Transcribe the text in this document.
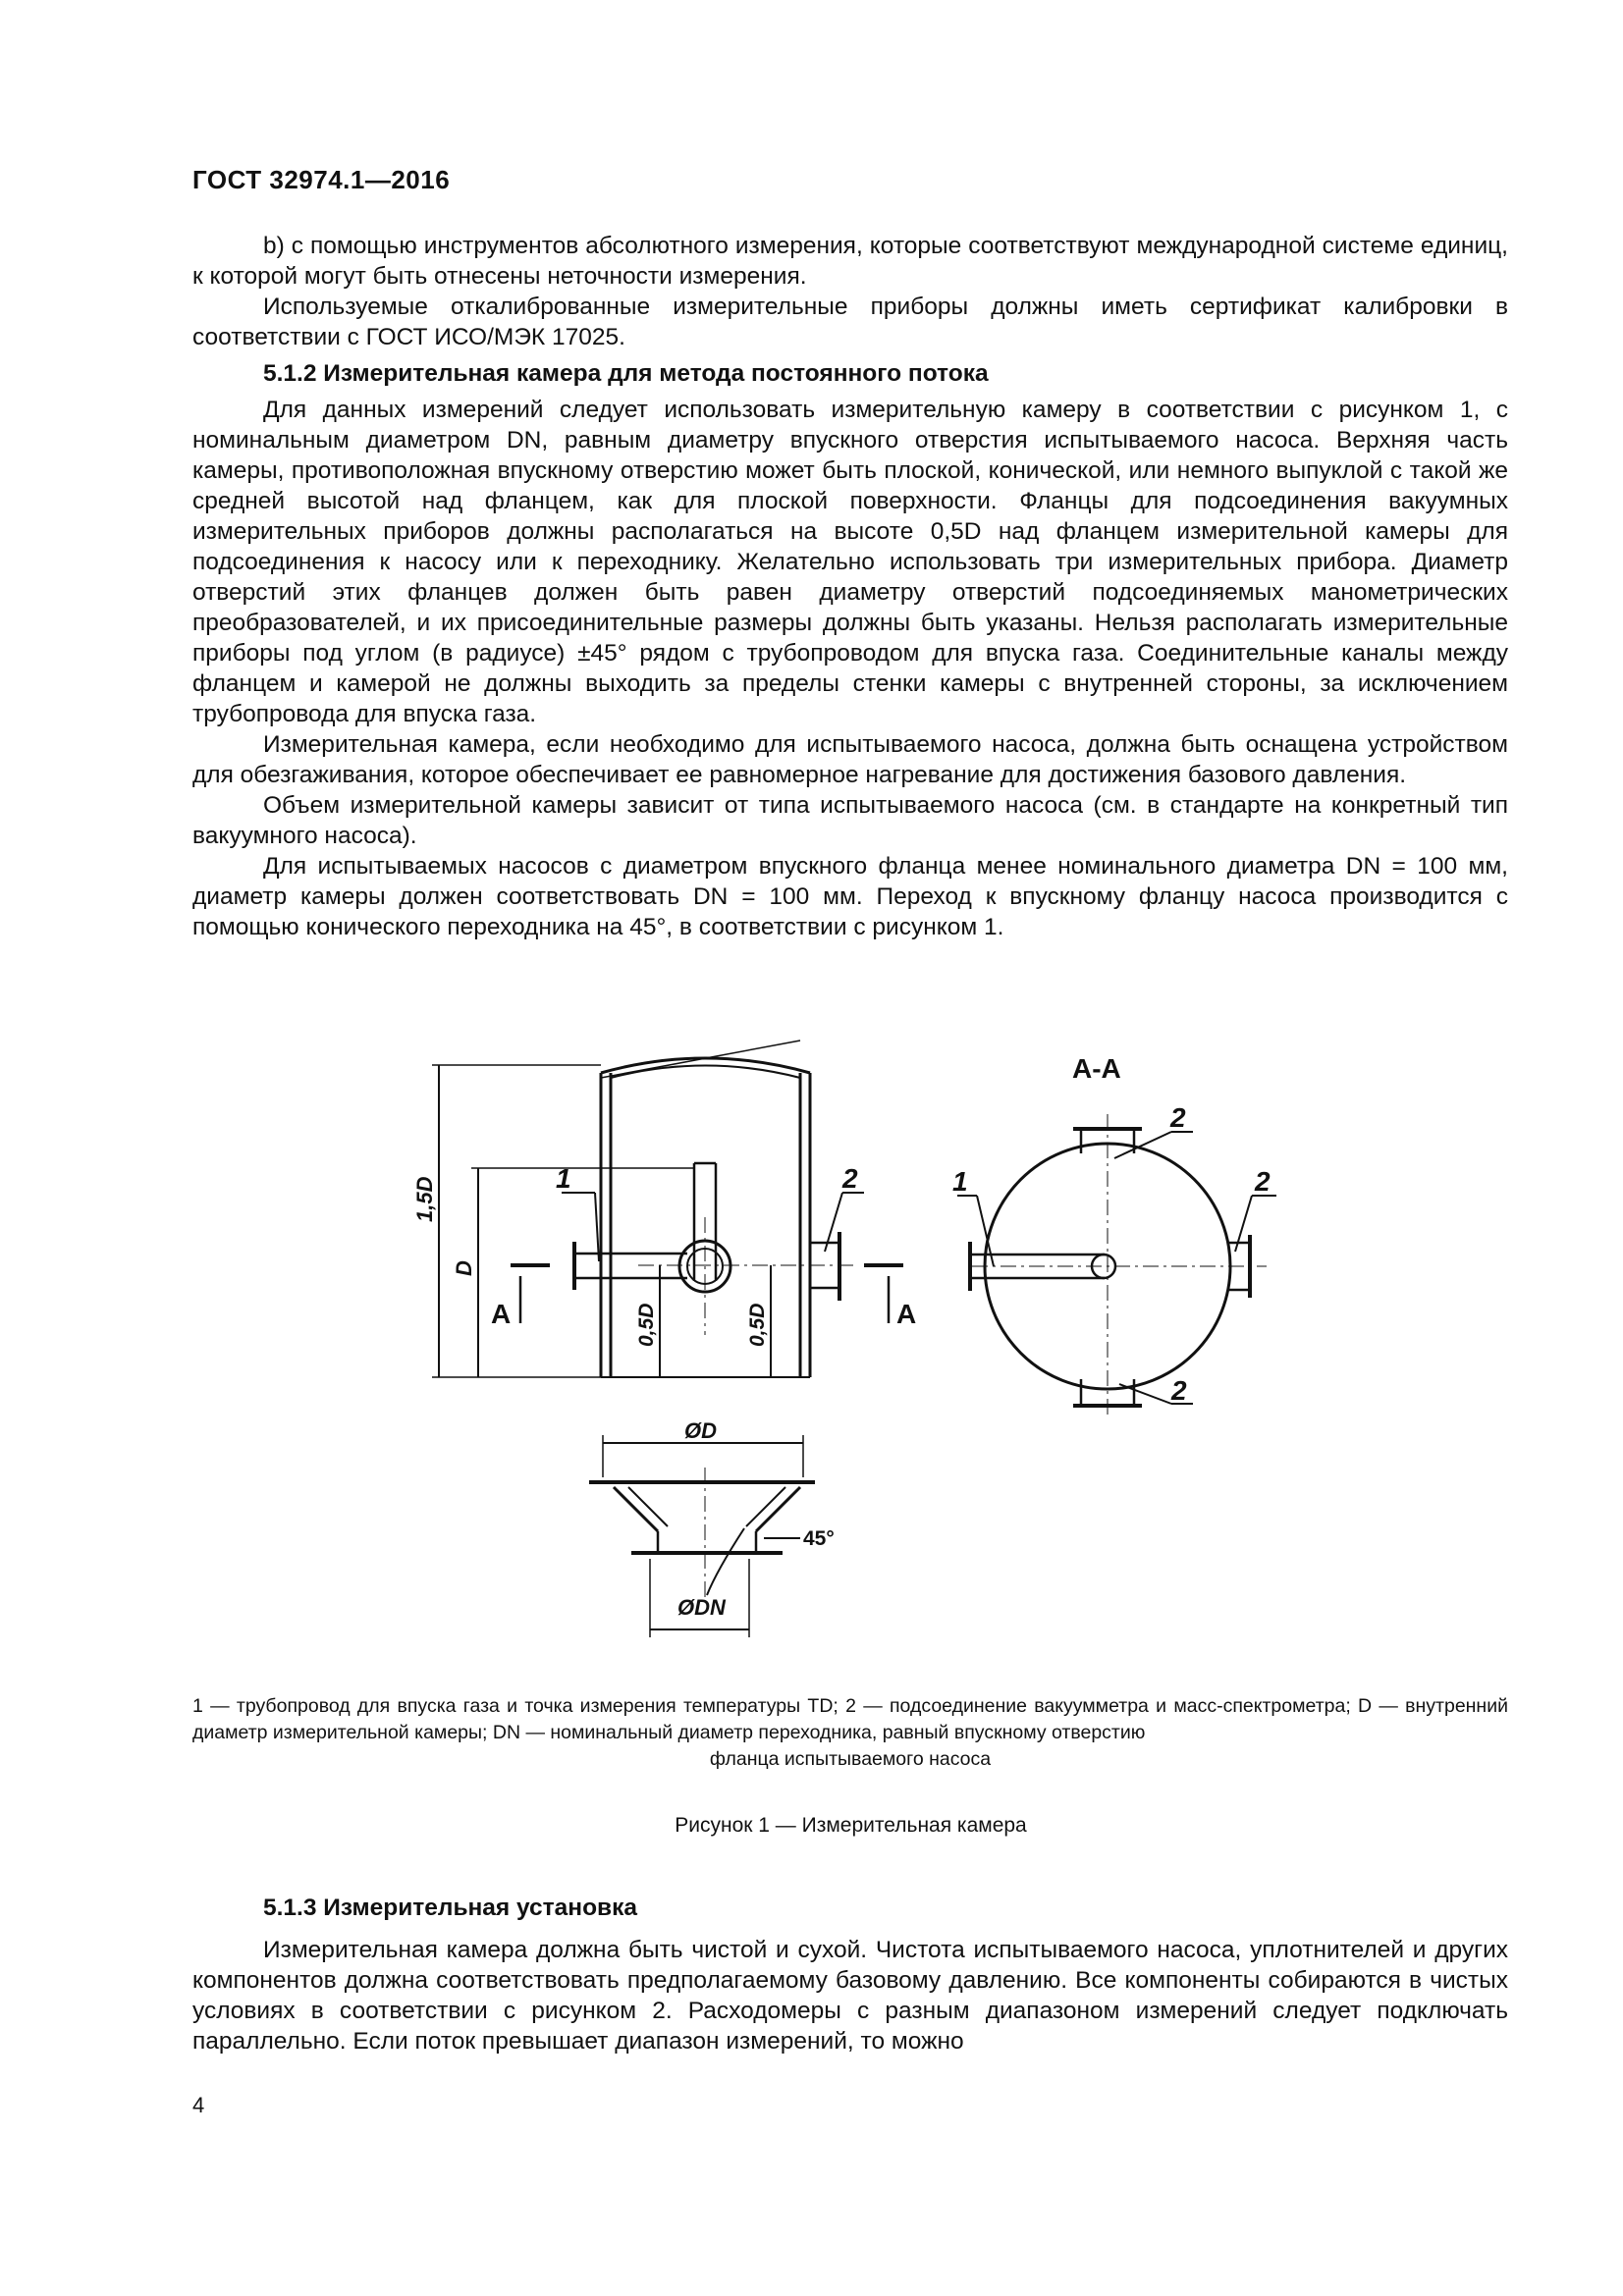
ГОСТ 32974.1—2016

b) с помощью инструментов абсолютного измерения, которые соответствуют международной системе единиц, к которой могут быть отнесены неточности измерения.

Используемые откалиброванные измерительные приборы должны иметь сертификат калибровки в соответствии с ГОСТ ИСО/МЭК 17025.

5.1.2 Измерительная камера для метода постоянного потока

Для данных измерений следует использовать измерительную камеру в соответствии с рисунком 1, с номинальным диаметром DN, равным диаметру впускного отверстия испытываемого насоса. Верхняя часть камеры, противоположная впускному отверстию может быть плоской, конической, или немного выпуклой с такой же средней высотой над фланцем, как для плоской поверхности. Фланцы для подсоединения вакуумных измерительных приборов должны располагаться на высоте 0,5D над фланцем измерительной камеры для подсоединения к насосу или к переходнику. Желательно использовать три измерительных прибора. Диаметр отверстий этих фланцев должен быть равен диаметру отверстий подсоединяемых манометрических преобразователей, и их присоединительные размеры должны быть указаны. Нельзя располагать измерительные приборы под углом (в радиусе) ±45° рядом с трубопроводом для впуска газа. Соединительные каналы между фланцем и камерой не должны выходить за пределы стенки камеры с внутренней стороны, за исключением трубопровода для впуска газа.

Измерительная камера, если необходимо для испытываемого насоса, должна быть оснащена устройством для обезгаживания, которое обеспечивает ее равномерное нагревание для достижения базового давления.

Объем измерительной камеры зависит от типа испытываемого насоса (см. в стандарте на конкретный тип вакуумного насоса).

Для испытываемых насосов с диаметром впускного фланца менее номинального диаметра DN = 100 мм, диаметр камеры должен соответствовать DN = 100 мм. Переход к впускному фланцу насоса производится с помощью конического переходника на 45°, в соответствии с рисунком 1.

1,5D
D
0,5D	0,5D
A	A
А-А
1	2	1
2
2
2
ØD
ØDN
45°
1 — трубопровод для впуска газа и точка измерения температуры TD; 2 — подсоединение вакуумметра и масс-спектрометра; D — внутренний диаметр измерительной камеры; DN — номинальный диаметр переходника, равный впускному отверстию
фланца испытываемого насоса
Рисунок 1 — Измерительная камера

5.1.3 Измерительная установка

Измерительная камера должна быть чистой и сухой. Чистота испытываемого насоса, уплотнителей и других компонентов должна соответствовать предполагаемому базовому давлению. Все компоненты собираются в чистых условиях в соответствии с рисунком 2. Расходомеры с разным диапазоном измерений следует подключать параллельно. Если поток превышает диапазон измерений, то можно

4
